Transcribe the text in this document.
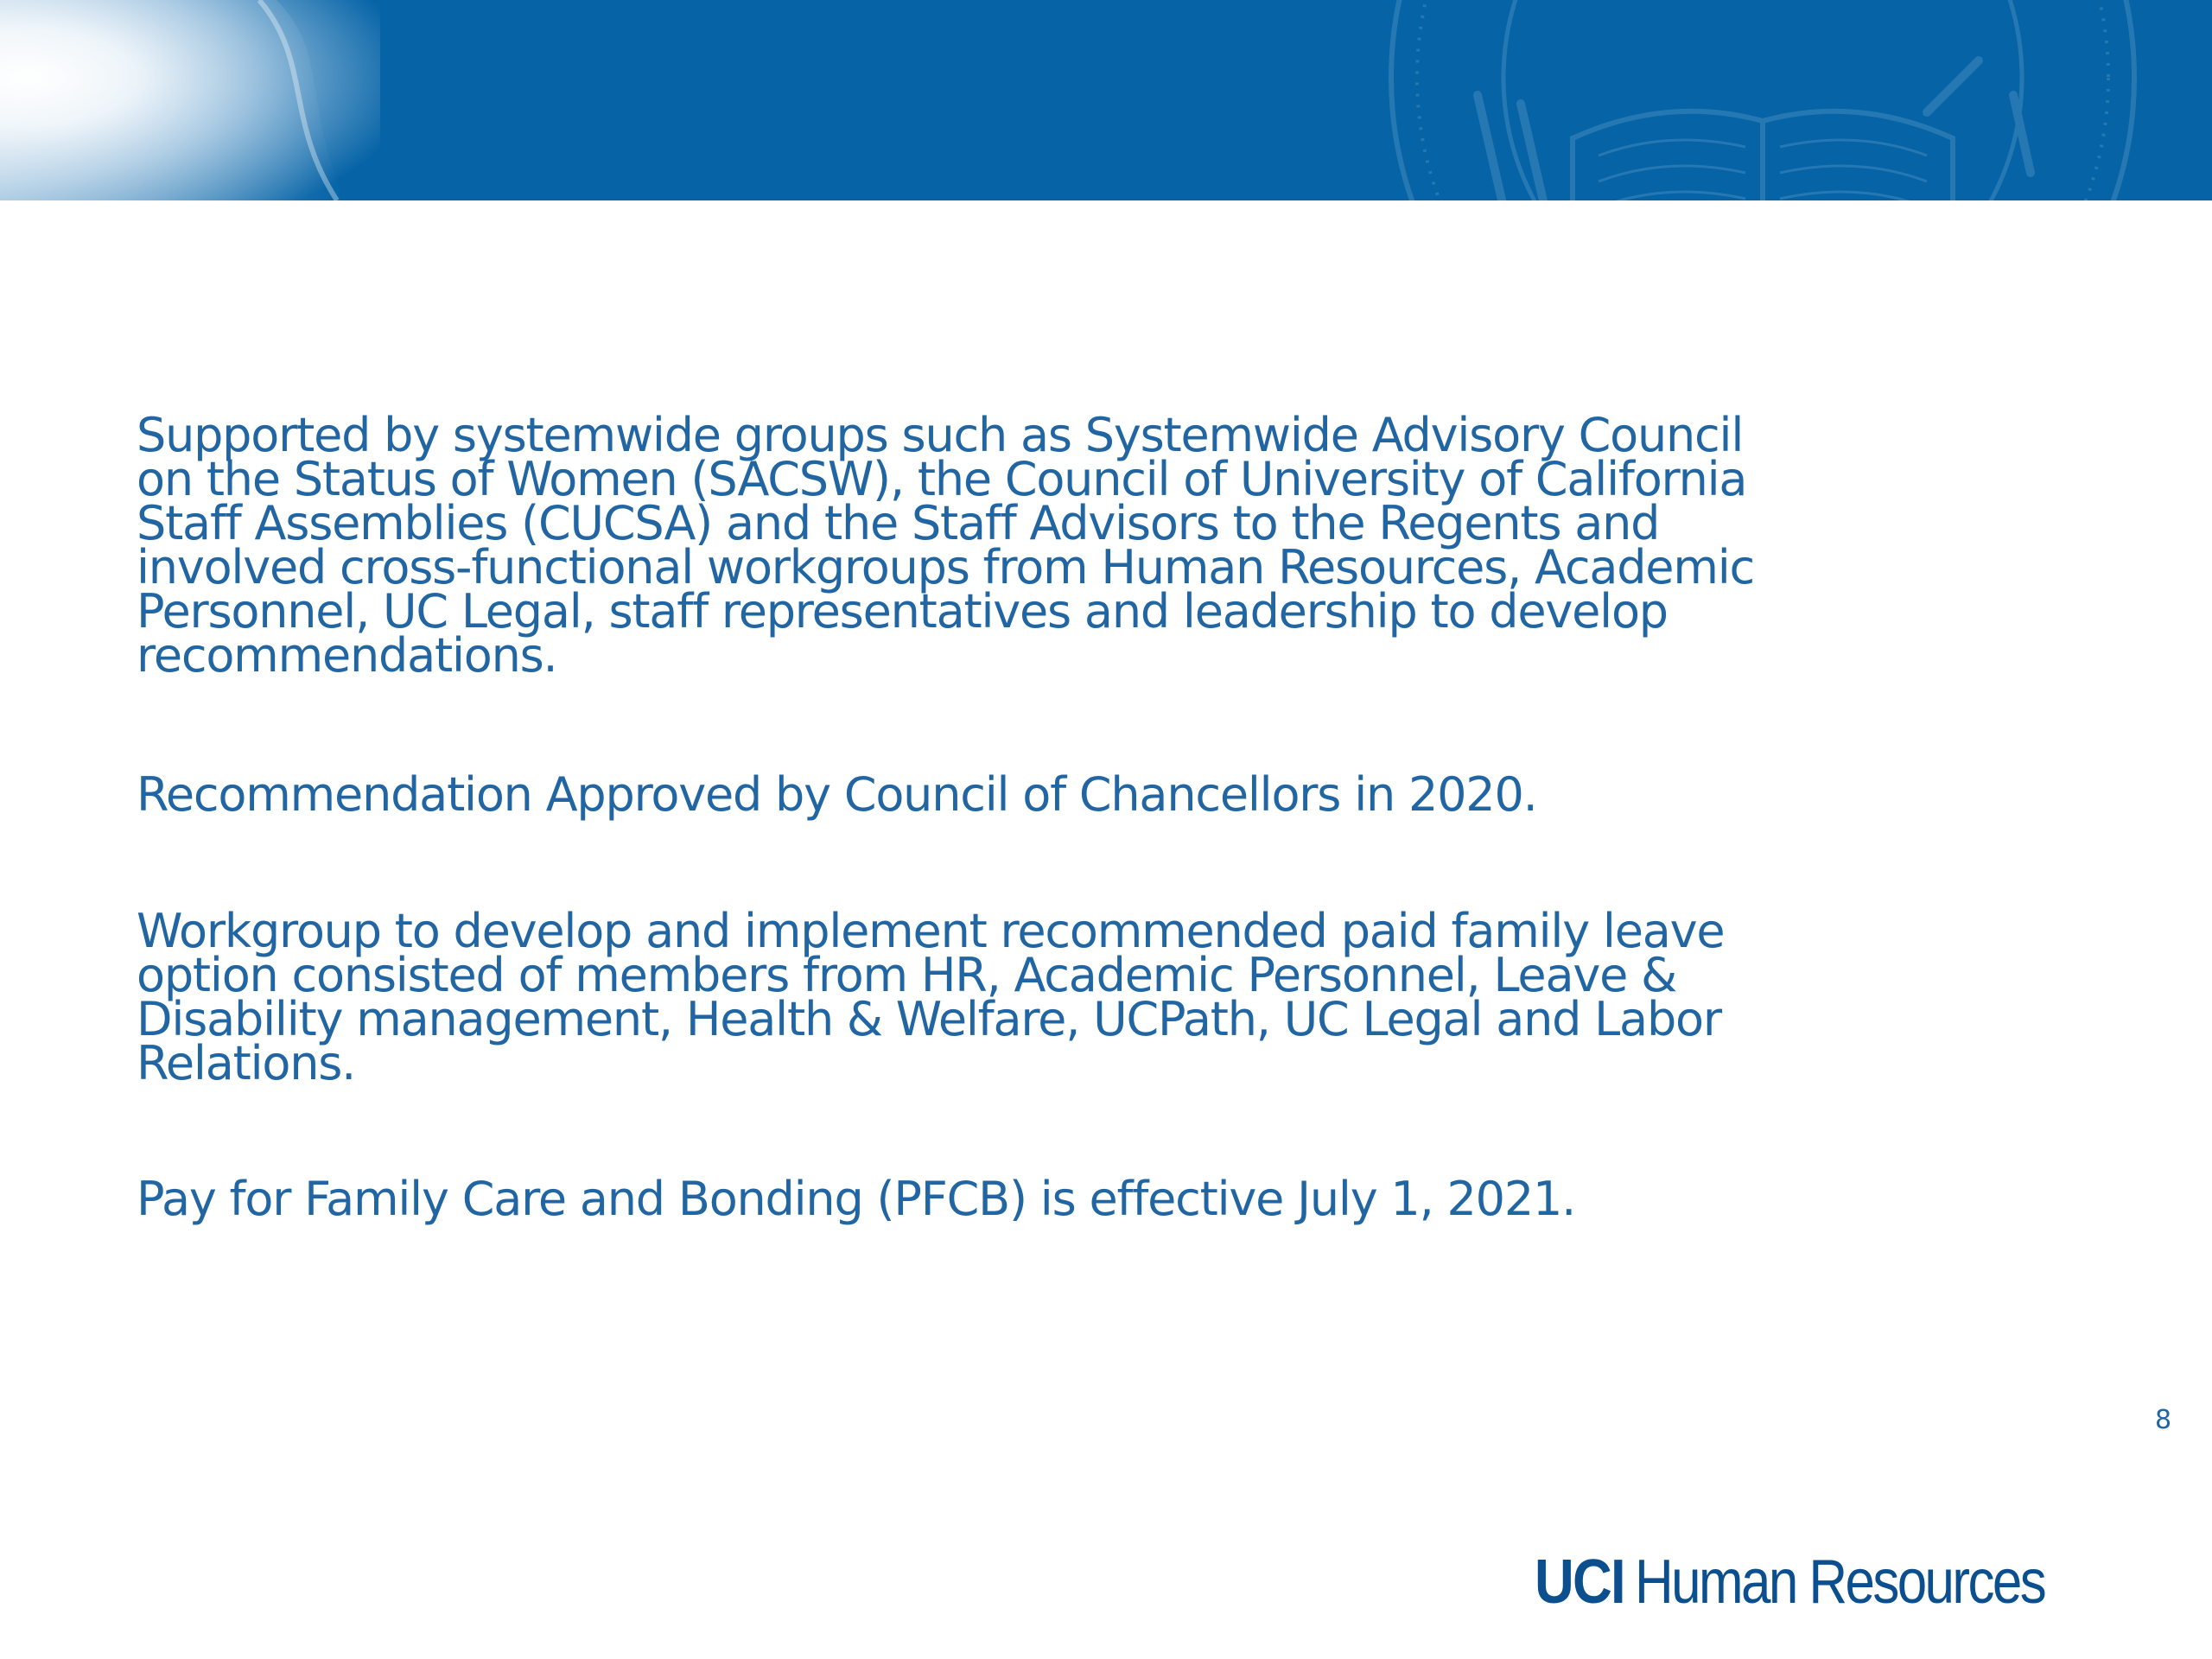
Supported by systemwide groups such as Systemwide Advisory Council
on the Status of Women (SACSW), the Council of University of California
Staff Assemblies (CUCSA) and the Staff Advisors to the Regents and
involved cross-functional workgroups from Human Resources, Academic
Personnel, UC Legal, staff representatives and leadership to develop
recommendations.

Recommendation Approved by Council of Chancellors in 2020.

Workgroup to develop and implement recommended paid family leave
option consisted of members from HR, Academic Personnel, Leave &
Disability management, Health & Welfare, UCPath, UC Legal and Labor
Relations.

Pay for Family Care and Bonding (PFCB) is effective July 1, 2021.

8
UCI Human Resources
